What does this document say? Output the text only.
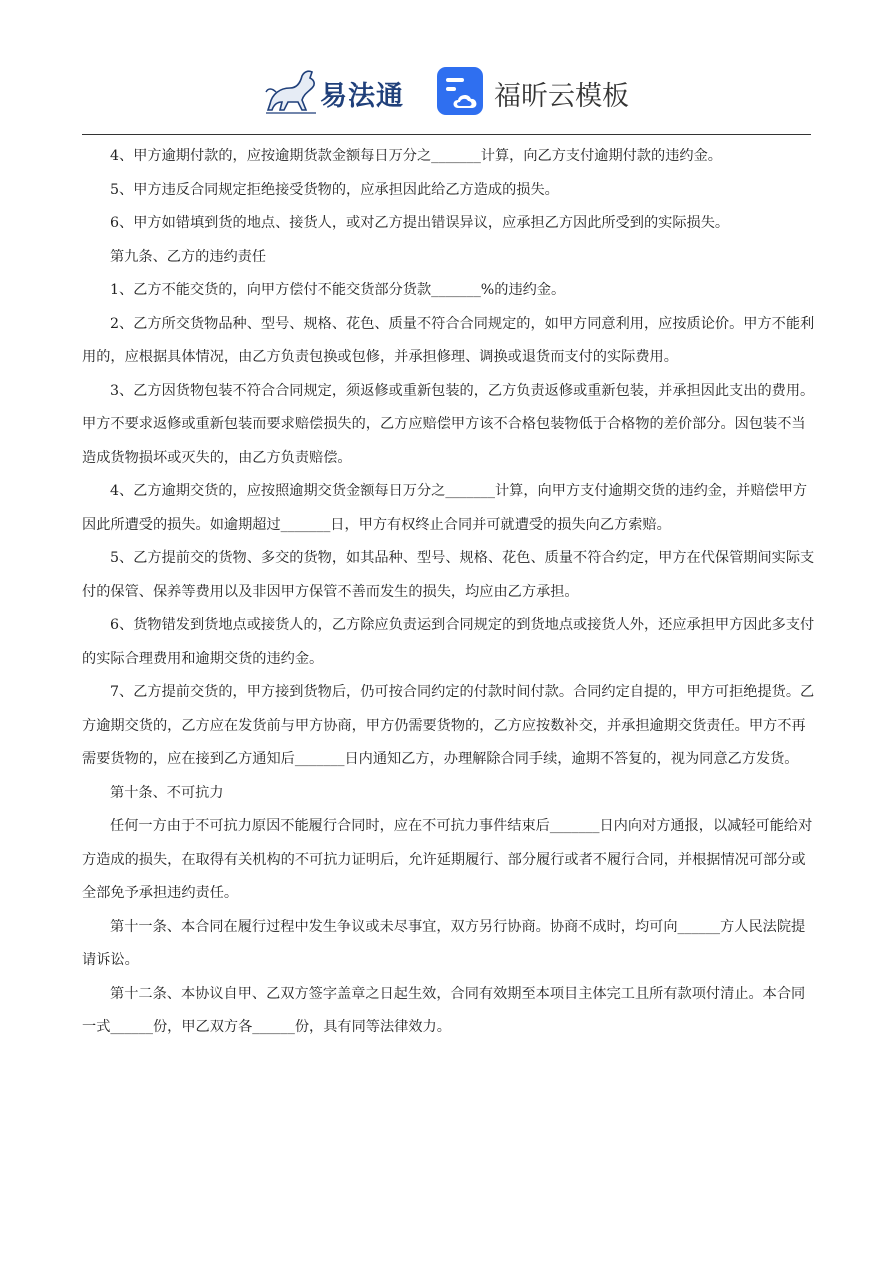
易法通	福昕云模板

4、甲方逾期付款的，应按逾期货款金额每日万分之_______计算，向乙方支付逾期付款的违约金。

5、甲方违反合同规定拒绝接受货物的，应承担因此给乙方造成的损失。

6、甲方如错填到货的地点、接货人，或对乙方提出错误异议，应承担乙方因此所受到的实际损失。

第九条、乙方的违约责任

1、乙方不能交货的，向甲方偿付不能交货部分货款_______%的违约金。

2、乙方所交货物品种、型号、规格、花色、质量不符合合同规定的，如甲方同意利用，应按质论价。甲方不能利用的，应根据具体情况，由乙方负责包换或包修，并承担修理、调换或退货而支付的实际费用。

3、乙方因货物包装不符合合同规定，须返修或重新包装的，乙方负责返修或重新包装，并承担因此支出的费用。甲方不要求返修或重新包装而要求赔偿损失的，乙方应赔偿甲方该不合格包装物低于合格物的差价部分。因包装不当造成货物损坏或灭失的，由乙方负责赔偿。

4、乙方逾期交货的，应按照逾期交货金额每日万分之_______计算，向甲方支付逾期交货的违约金，并赔偿甲方因此所遭受的损失。如逾期超过_______日，甲方有权终止合同并可就遭受的损失向乙方索赔。

5、乙方提前交的货物、多交的货物，如其品种、型号、规格、花色、质量不符合约定，甲方在代保管期间实际支付的保管、保养等费用以及非因甲方保管不善而发生的损失，均应由乙方承担。

6、货物错发到货地点或接货人的，乙方除应负责运到合同规定的到货地点或接货人外，还应承担甲方因此多支付的实际合理费用和逾期交货的违约金。

7、乙方提前交货的，甲方接到货物后，仍可按合同约定的付款时间付款。合同约定自提的，甲方可拒绝提货。乙方逾期交货的，乙方应在发货前与甲方协商，甲方仍需要货物的，乙方应按数补交，并承担逾期交货责任。甲方不再需要货物的，应在接到乙方通知后_______日内通知乙方，办理解除合同手续，逾期不答复的，视为同意乙方发货。

第十条、不可抗力

任何一方由于不可抗力原因不能履行合同时，应在不可抗力事件结束后_______日内向对方通报，以减轻可能给对方造成的损失，在取得有关机构的不可抗力证明后，允许延期履行、部分履行或者不履行合同，并根据情况可部分或全部免予承担违约责任。

第十一条、本合同在履行过程中发生争议或未尽事宜，双方另行协商。协商不成时，均可向______方人民法院提请诉讼。

第十二条、本协议自甲、乙双方签字盖章之日起生效，合同有效期至本项目主体完工且所有款项付清止。本合同一式______份，甲乙双方各______份，具有同等法律效力。
